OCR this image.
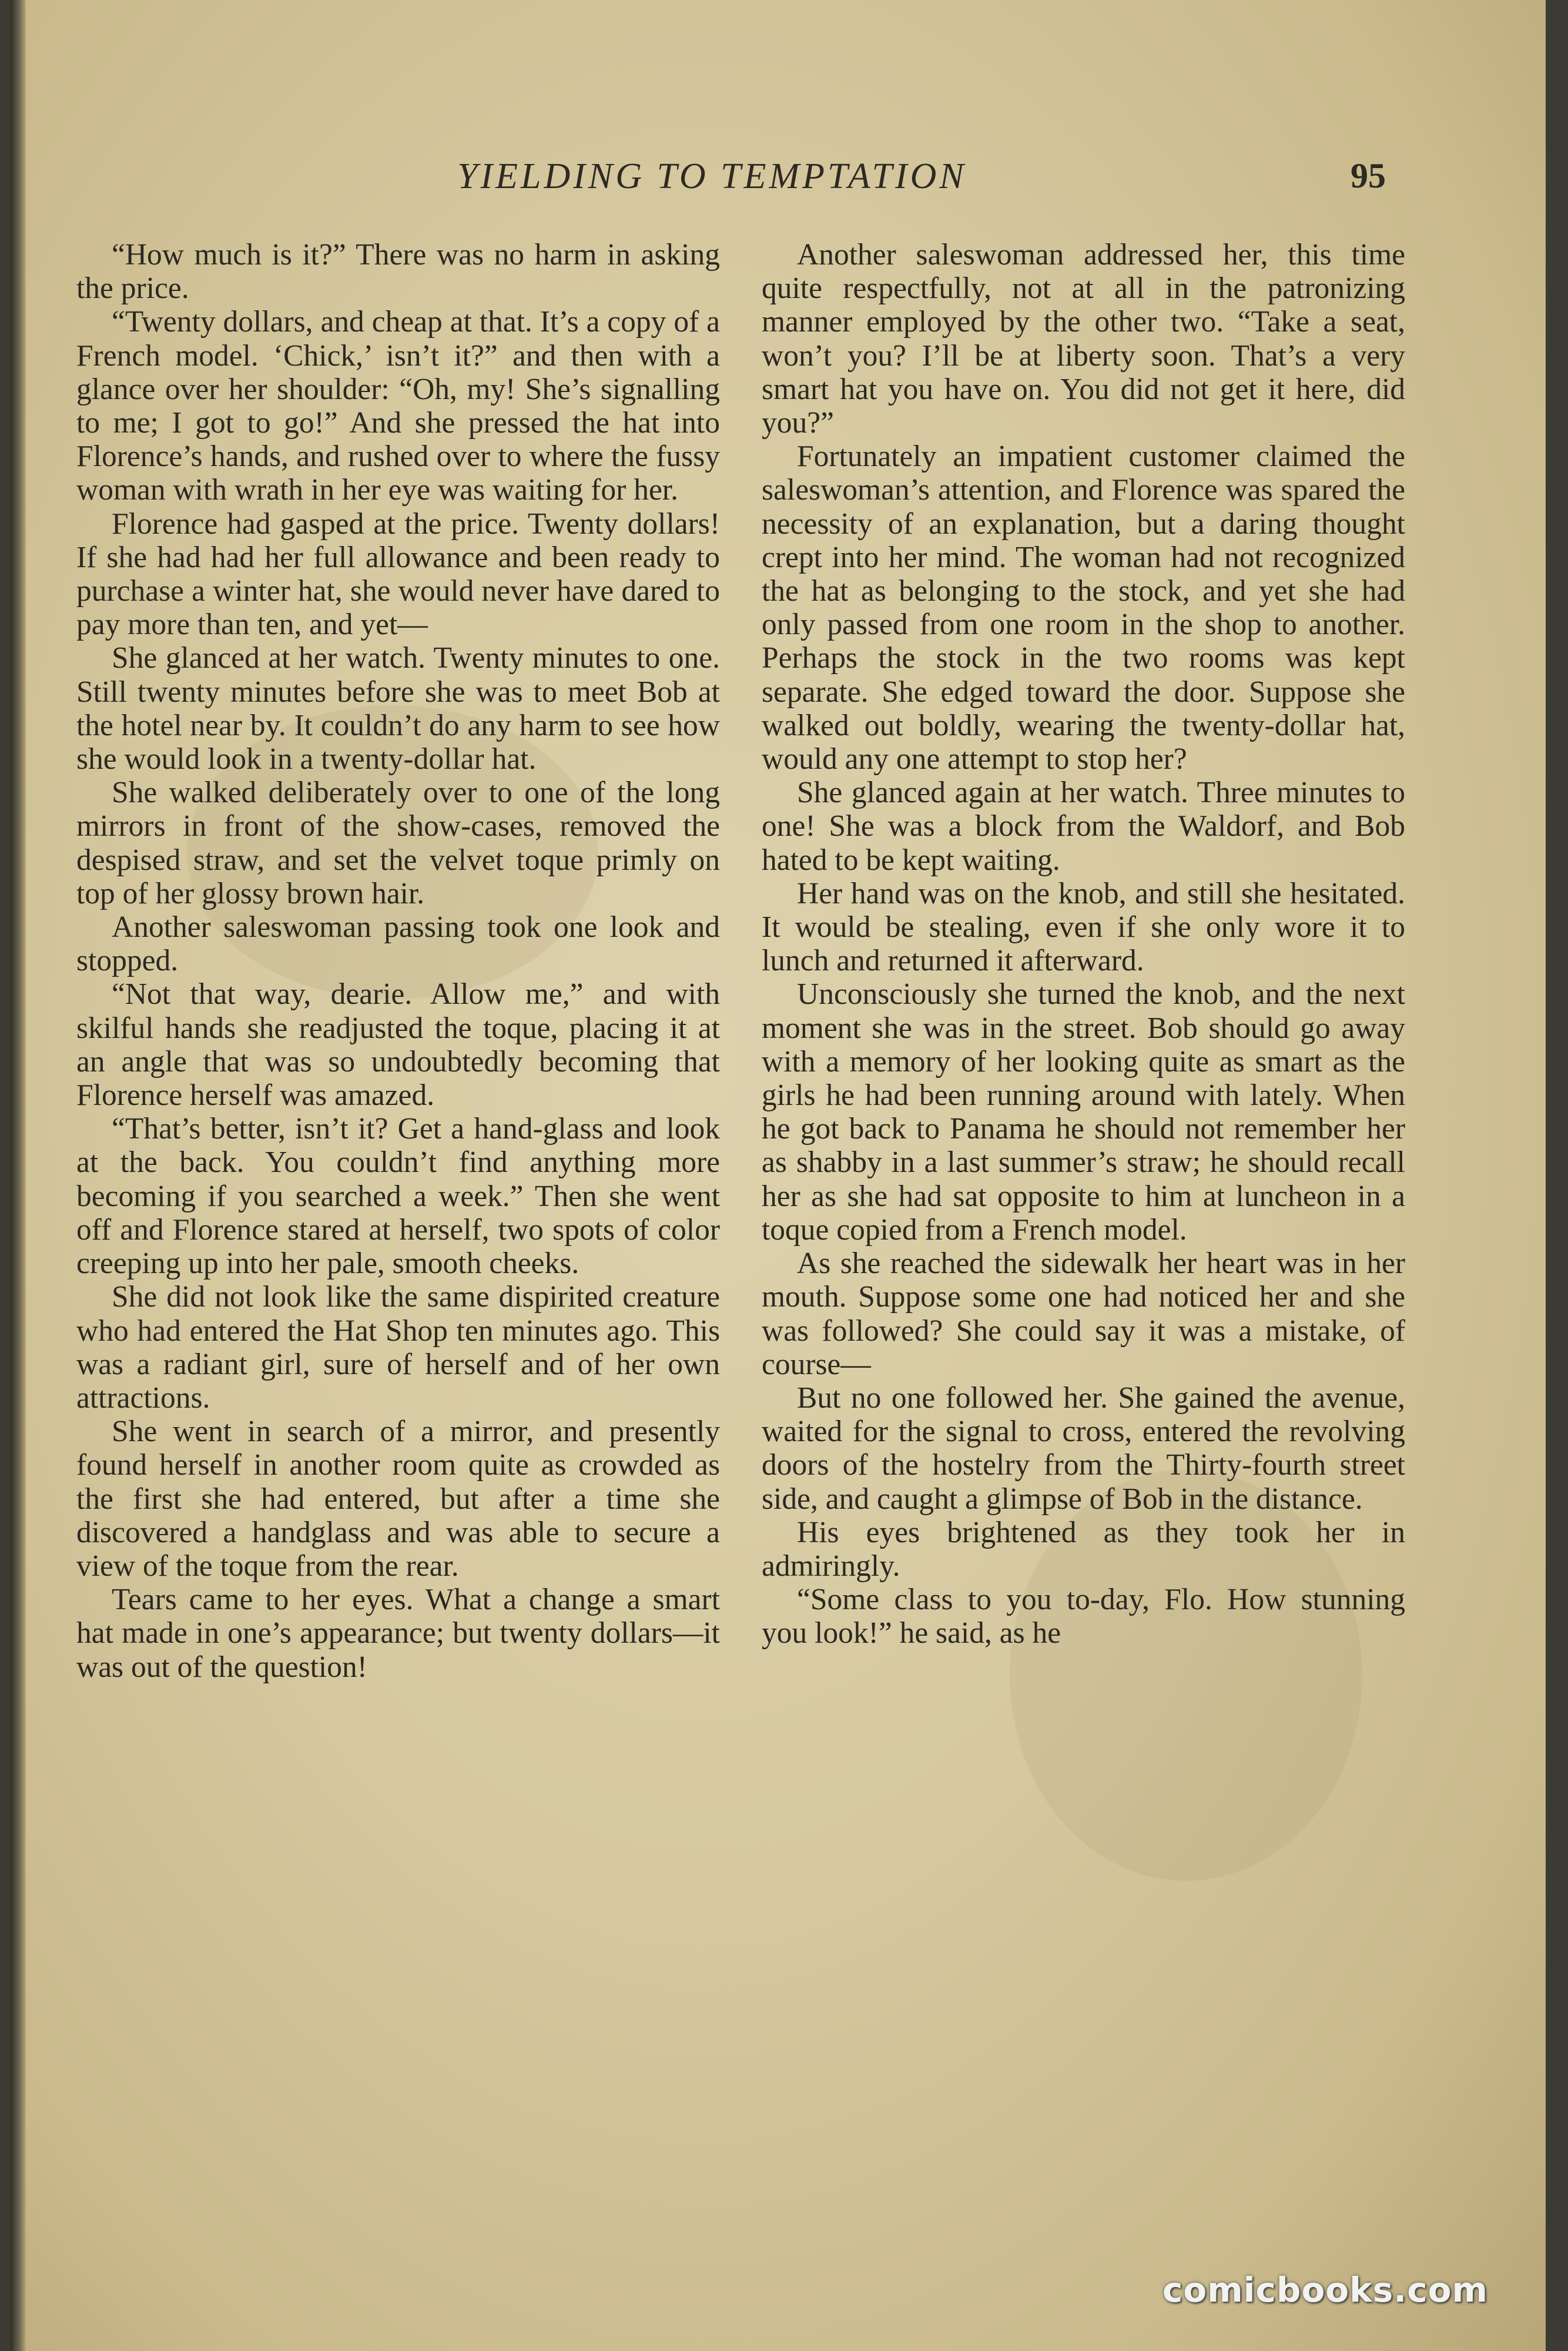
YIELDING TO TEMPTATION	95

“How much is it?” There was no harm in asking the price.

“Twenty dollars, and cheap at that. It’s a copy of a French model. ‘Chick,’ isn’t it?” and then with a glance over her shoulder: “Oh, my! She’s signalling to me; I got to go!” And she pressed the hat into Florence’s hands, and rushed over to where the fussy woman with wrath in her eye was waiting for her.

Florence had gasped at the price. Twenty dollars! If she had had her full allowance and been ready to purchase a winter hat, she would never have dared to pay more than ten, and yet—

She glanced at her watch. Twenty minutes to one. Still twenty minutes before she was to meet Bob at the hotel near by. It couldn’t do any harm to see how she would look in a twenty-dollar hat.

She walked deliberately over to one of the long mirrors in front of the show-cases, removed the despised straw, and set the velvet toque primly on top of her glossy brown hair.

Another saleswoman passing took one look and stopped.

“Not that way, dearie. Allow me,” and with skilful hands she readjusted the toque, placing it at an angle that was so undoubtedly becoming that Florence herself was amazed.

“That’s better, isn’t it? Get a hand-glass and look at the back. You couldn’t find anything more becoming if you searched a week.” Then she went off and Florence stared at herself, two spots of color creeping up into her pale, smooth cheeks.

She did not look like the same dispirited creature who had entered the Hat Shop ten minutes ago. This was a radiant girl, sure of herself and of her own attractions.

She went in search of a mirror, and presently found herself in another room quite as crowded as the first she had entered, but after a time she discovered a handglass and was able to secure a view of the toque from the rear.

Tears came to her eyes. What a change a smart hat made in one’s appearance; but twenty dollars—it was out of the question!

Another saleswoman addressed her, this time quite respectfully, not at all in the patronizing manner employed by the other two. “Take a seat, won’t you? I’ll be at liberty soon. That’s a very smart hat you have on. You did not get it here, did you?”

Fortunately an impatient customer claimed the saleswoman’s attention, and Florence was spared the necessity of an explanation, but a daring thought crept into her mind. The woman had not recognized the hat as belonging to the stock, and yet she had only passed from one room in the shop to another. Perhaps the stock in the two rooms was kept separate. She edged toward the door. Suppose she walked out boldly, wearing the twenty-dollar hat, would any one attempt to stop her?

She glanced again at her watch. Three minutes to one! She was a block from the Waldorf, and Bob hated to be kept waiting.

Her hand was on the knob, and still she hesitated. It would be stealing, even if she only wore it to lunch and returned it afterward.

Unconsciously she turned the knob, and the next moment she was in the street. Bob should go away with a memory of her looking quite as smart as the girls he had been running around with lately. When he got back to Panama he should not remember her as shabby in a last summer’s straw; he should recall her as she had sat opposite to him at luncheon in a toque copied from a French model.

As she reached the sidewalk her heart was in her mouth. Suppose some one had noticed her and she was followed? She could say it was a mistake, of course—

But no one followed her. She gained the avenue, waited for the signal to cross, entered the revolving doors of the hostelry from the Thirty-fourth street side, and caught a glimpse of Bob in the distance.

His eyes brightened as they took her in admiringly.

“Some class to you to-day, Flo. How stunning you look!” he said, as he

comicbooks.com
